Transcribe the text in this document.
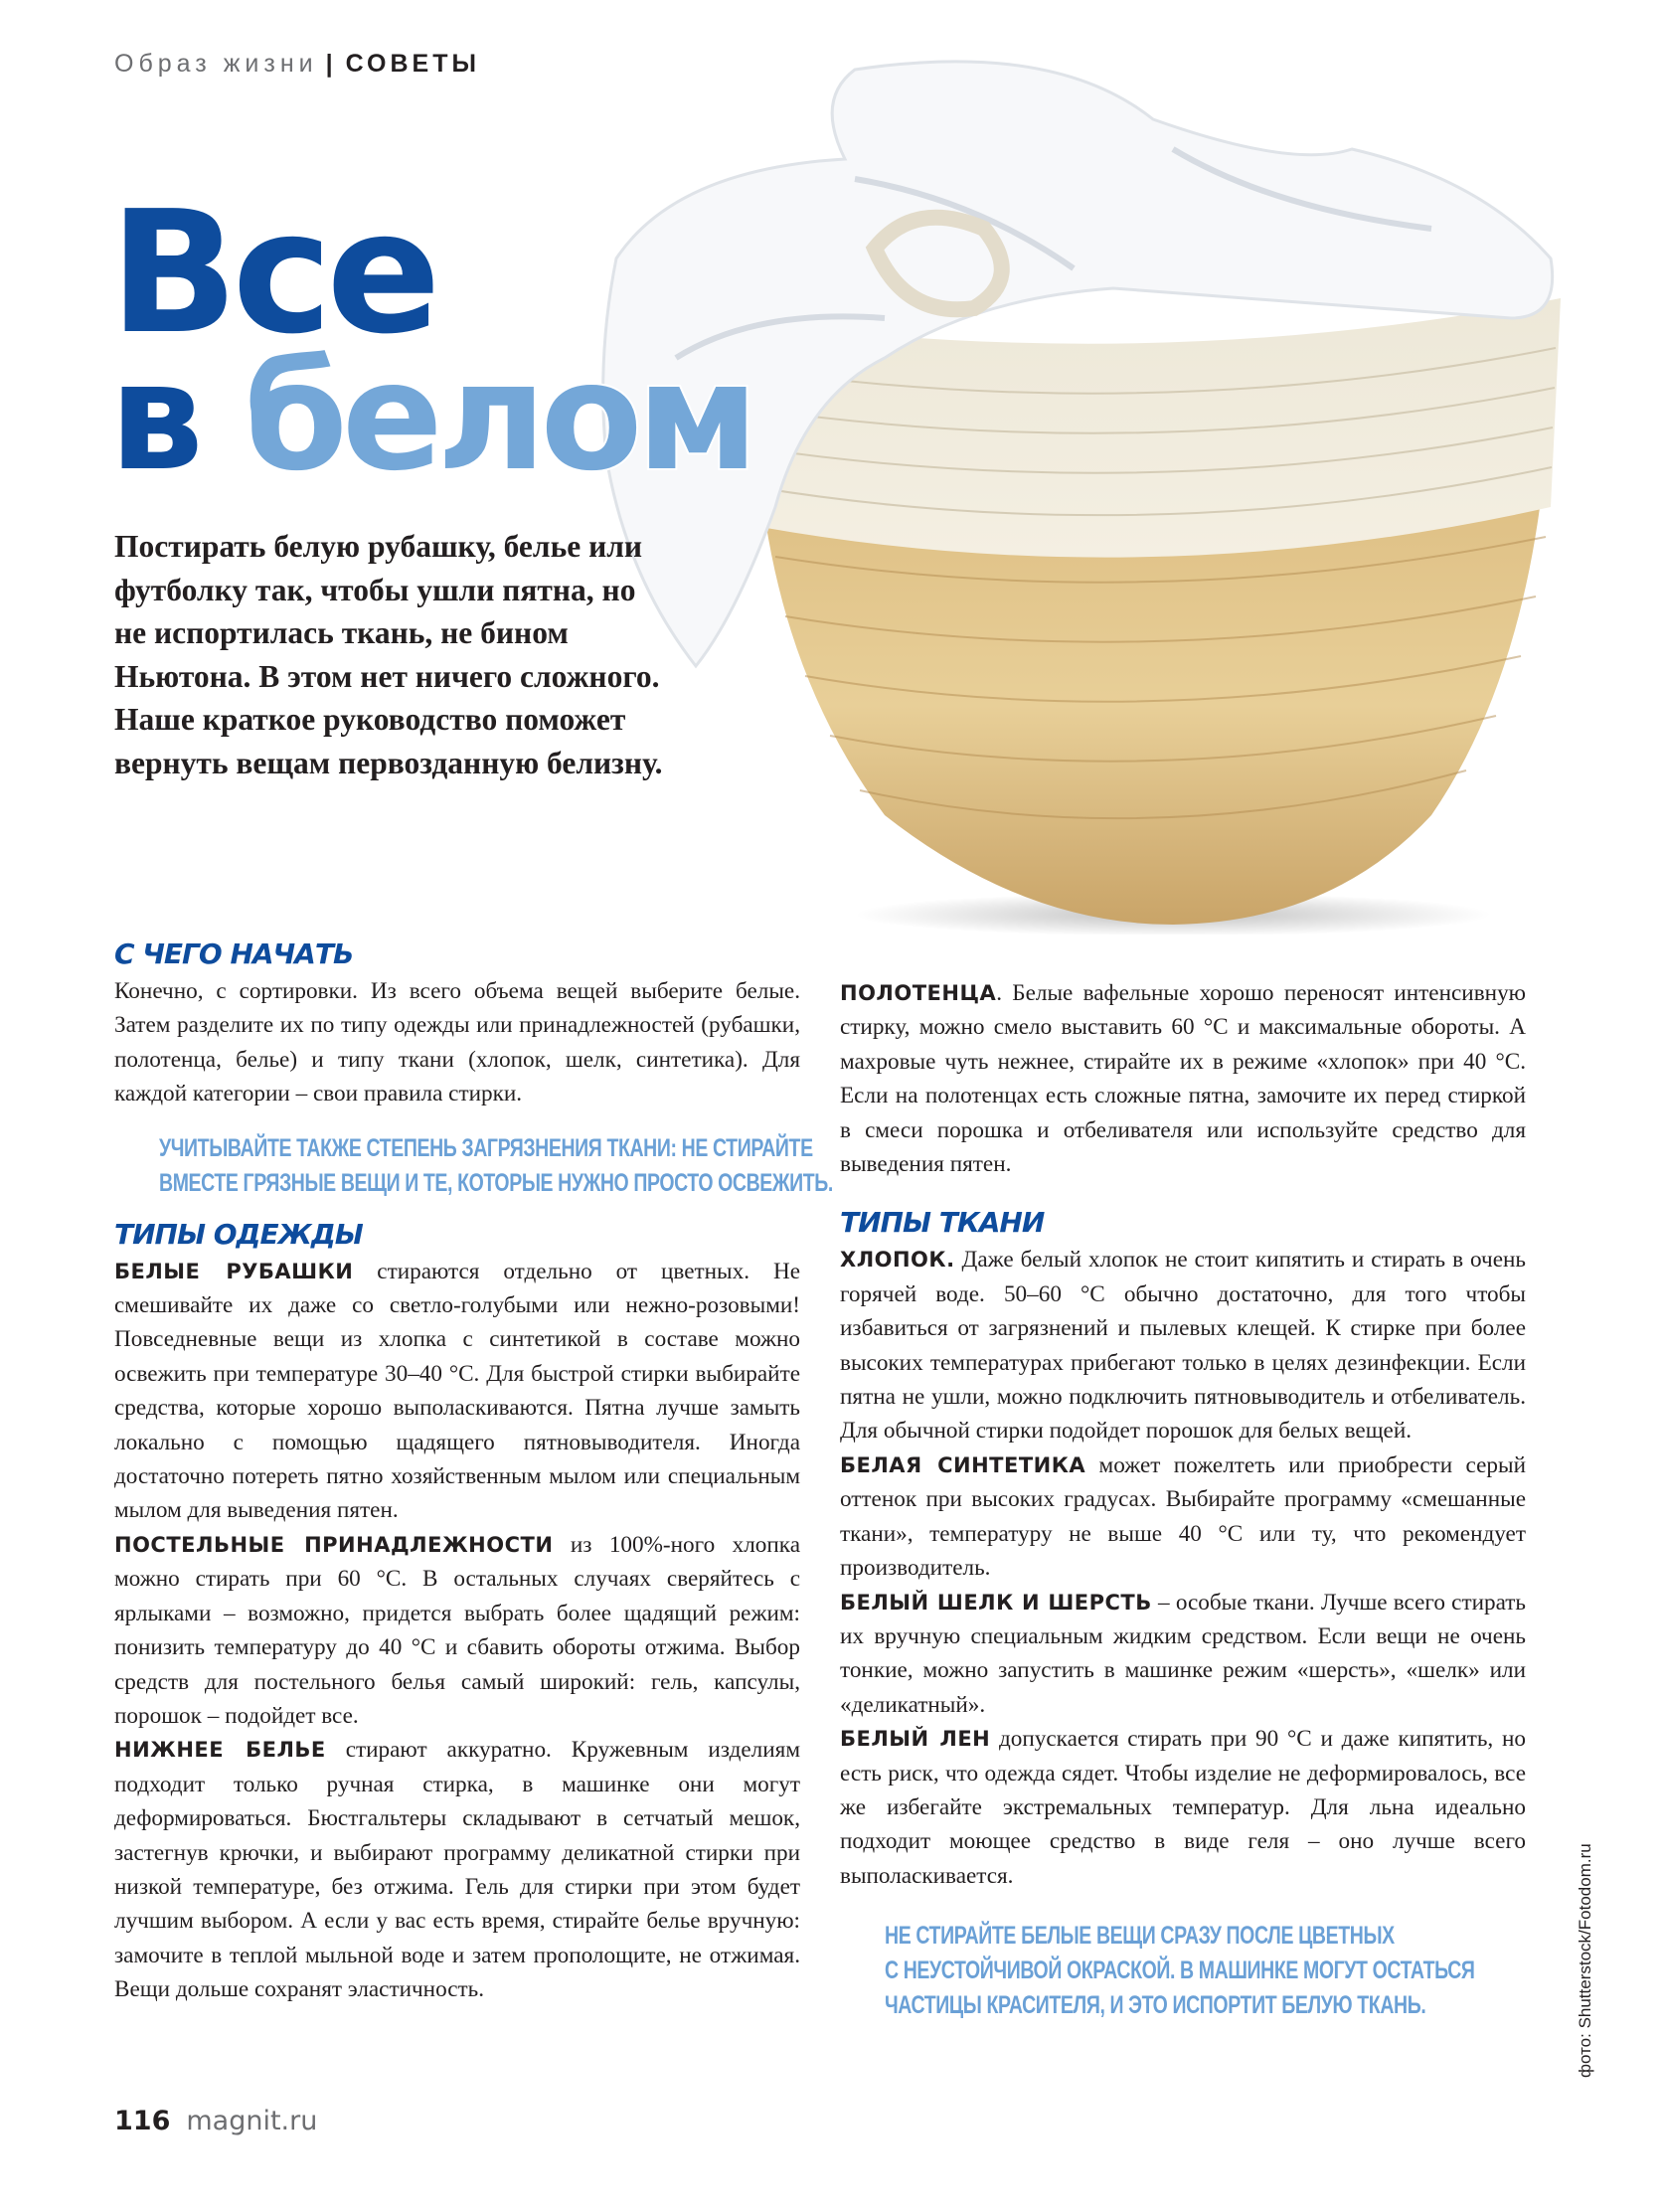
Образ жизни | СОВЕТЫ
Все
в белом
Постирать белую рубашку, белье или футболку так, чтобы ушли пятна, но не испортилась ткань, не бином Ньютона. В этом нет ничего сложного. Наше краткое руководство поможет вернуть вещам первозданную белизну.
С ЧЕГО НАЧАТЬ

Конечно, с сортировки. Из всего объема вещей выберите белые. Затем разделите их по типу одежды или принадлежностей (рубашки, полотенца, белье) и типу ткани (хлопок, шелк, синтетика). Для каждой категории – свои правила стирки.

УЧИТЫВАЙТЕ ТАКЖЕ СТЕПЕНЬ ЗАГРЯЗНЕНИЯ ТКАНИ: НЕ СТИРАЙТЕ
ВМЕСТЕ ГРЯЗНЫЕ ВЕЩИ И ТЕ, КОТОРЫЕ НУЖНО ПРОСТО ОСВЕЖИТЬ.
ТИПЫ ОДЕЖДЫ

БЕЛЫЕ РУБАШКИ стираются отдельно от цветных. Не смешивайте их даже со светло-голубыми или нежно-розовыми! Повседневные вещи из хлопка с синтетикой в составе можно освежить при температуре 30–40 °C. Для быстрой стирки выбирайте средства, которые хорошо выполаскиваются. Пятна лучше замыть локально с помощью щадящего пятновыводителя. Иногда достаточно потереть пятно хозяйственным мылом или специальным мылом для выведения пятен.

ПОСТЕЛЬНЫЕ ПРИНАДЛЕЖНОСТИ из 100%-ного хлопка можно стирать при 60 °C. В остальных случаях сверяйтесь с ярлыками – возможно, придется выбрать более щадящий режим: понизить температуру до 40 °C и сбавить обороты отжима. Выбор средств для постельного белья самый широкий: гель, капсулы, порошок – подойдет все.

НИЖНЕЕ БЕЛЬЕ стирают аккуратно. Кружевным изделиям подходит только ручная стирка, в машинке они могут деформироваться. Бюстгальтеры складывают в сетчатый мешок, застегнув крючки, и выбирают программу деликатной стирки при низкой температуре, без отжима. Гель для стирки при этом будет лучшим выбором. А если у вас есть время, стирайте белье вручную: замочите в теплой мыльной воде и затем прополощите, не отжимая. Вещи дольше сохранят эластичность.

ПОЛОТЕНЦА. Белые вафельные хорошо переносят интенсивную стирку, можно смело выставить 60 °C и максимальные обороты. А махровые чуть нежнее, стирайте их в режиме «хлопок» при 40 °C. Если на полотенцах есть сложные пятна, замочите их перед стиркой в смеси порошка и отбеливателя или используйте средство для выведения пятен.

ТИПЫ ТКАНИ

ХЛОПОК. Даже белый хлопок не стоит кипятить и стирать в очень горячей воде. 50–60 °C обычно достаточно, для того чтобы избавиться от загрязнений и пылевых клещей. К стирке при более высоких температурах прибегают только в целях дезинфекции. Если пятна не ушли, можно подключить пятновыводитель и отбеливатель. Для обычной стирки подойдет порошок для белых вещей.

БЕЛАЯ СИНТЕТИКА может пожелтеть или приобрести серый оттенок при высоких градусах. Выбирайте программу «смешанные ткани», температуру не выше 40 °C или ту, что рекомендует производитель.

БЕЛЫЙ ШЕЛК И ШЕРСТЬ – особые ткани. Лучше всего стирать их вручную специальным жидким средством. Если вещи не очень тонкие, можно запустить в машинке режим «шерсть», «шелк» или «деликатный».

БЕЛЫЙ ЛЕН допускается стирать при 90 °C и даже кипятить, но есть риск, что одежда сядет. Чтобы изделие не деформировалось, все же избегайте экстремальных температур. Для льна идеально подходит моющее средство в виде геля – оно лучше всего выполаскивается.

НЕ СТИРАЙТЕ БЕЛЫЕ ВЕЩИ СРАЗУ ПОСЛЕ ЦВЕТНЫХ
С НЕУСТОЙЧИВОЙ ОКРАСКОЙ. В МАШИНКЕ МОГУТ ОСТАТЬСЯ
ЧАСТИЦЫ КРАСИТЕЛЯ, И ЭТО ИСПОРТИТ БЕЛУЮ ТКАНЬ.
116 magnit.ru
фото: Shutterstock/Fotodom.ru
